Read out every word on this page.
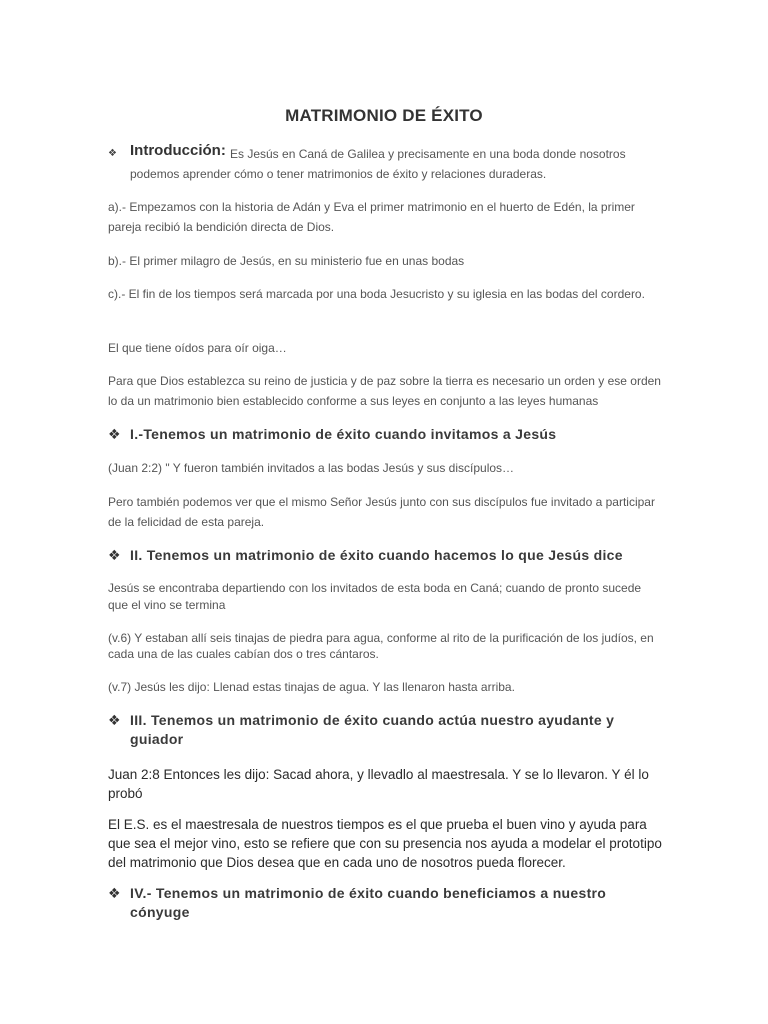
MATRIMONIO DE ÉXITO
❖ Introducción: Es Jesús en Caná de Galilea y precisamente en una boda donde nosotros podemos aprender cómo o tener matrimonios de éxito y relaciones duraderas.
a).- Empezamos con la historia de Adán y Eva el primer matrimonio en el huerto de Edén, la primer pareja recibió la bendición directa de Dios.
b).- El primer milagro de Jesús, en su ministerio fue en unas bodas
c).- El fin de los tiempos será marcada por una boda Jesucristo y su iglesia en las bodas del cordero.
El que tiene oídos para oír oiga…
Para que Dios establezca su reino de justicia y de paz sobre la tierra es necesario un orden y ese orden lo da un matrimonio bien establecido conforme a sus leyes en conjunto a las leyes humanas
❖ I.-Tenemos un matrimonio de éxito cuando invitamos a Jesús
(Juan 2:2) " Y fueron también invitados a las bodas Jesús y sus discípulos…
Pero también podemos ver que el mismo Señor Jesús junto con sus discípulos fue invitado a participar de la felicidad de esta pareja.
❖ II. Tenemos un matrimonio de éxito cuando hacemos lo que Jesús dice
Jesús se encontraba departiendo con los invitados de esta boda en Caná; cuando de pronto sucede que el vino se termina
(v.6) Y estaban allí seis tinajas de piedra para agua, conforme al rito de la purificación de los judíos, en cada una de las cuales cabían dos o tres cántaros.
(v.7) Jesús les dijo: Llenad estas tinajas de agua. Y las llenaron hasta arriba.
❖ III. Tenemos un matrimonio de éxito cuando actúa nuestro ayudante y guiador
Juan 2:8 Entonces les dijo: Sacad ahora, y llevadlo al maestresala. Y se lo llevaron. Y él lo probó
El E.S. es el maestresala de nuestros tiempos es el que prueba el buen vino y ayuda para que sea el mejor vino, esto se refiere que con su presencia nos ayuda a modelar el prototipo del matrimonio que Dios desea que en cada uno de nosotros pueda florecer.
❖ IV.- Tenemos un matrimonio de éxito cuando beneficiamos a nuestro cónyuge
